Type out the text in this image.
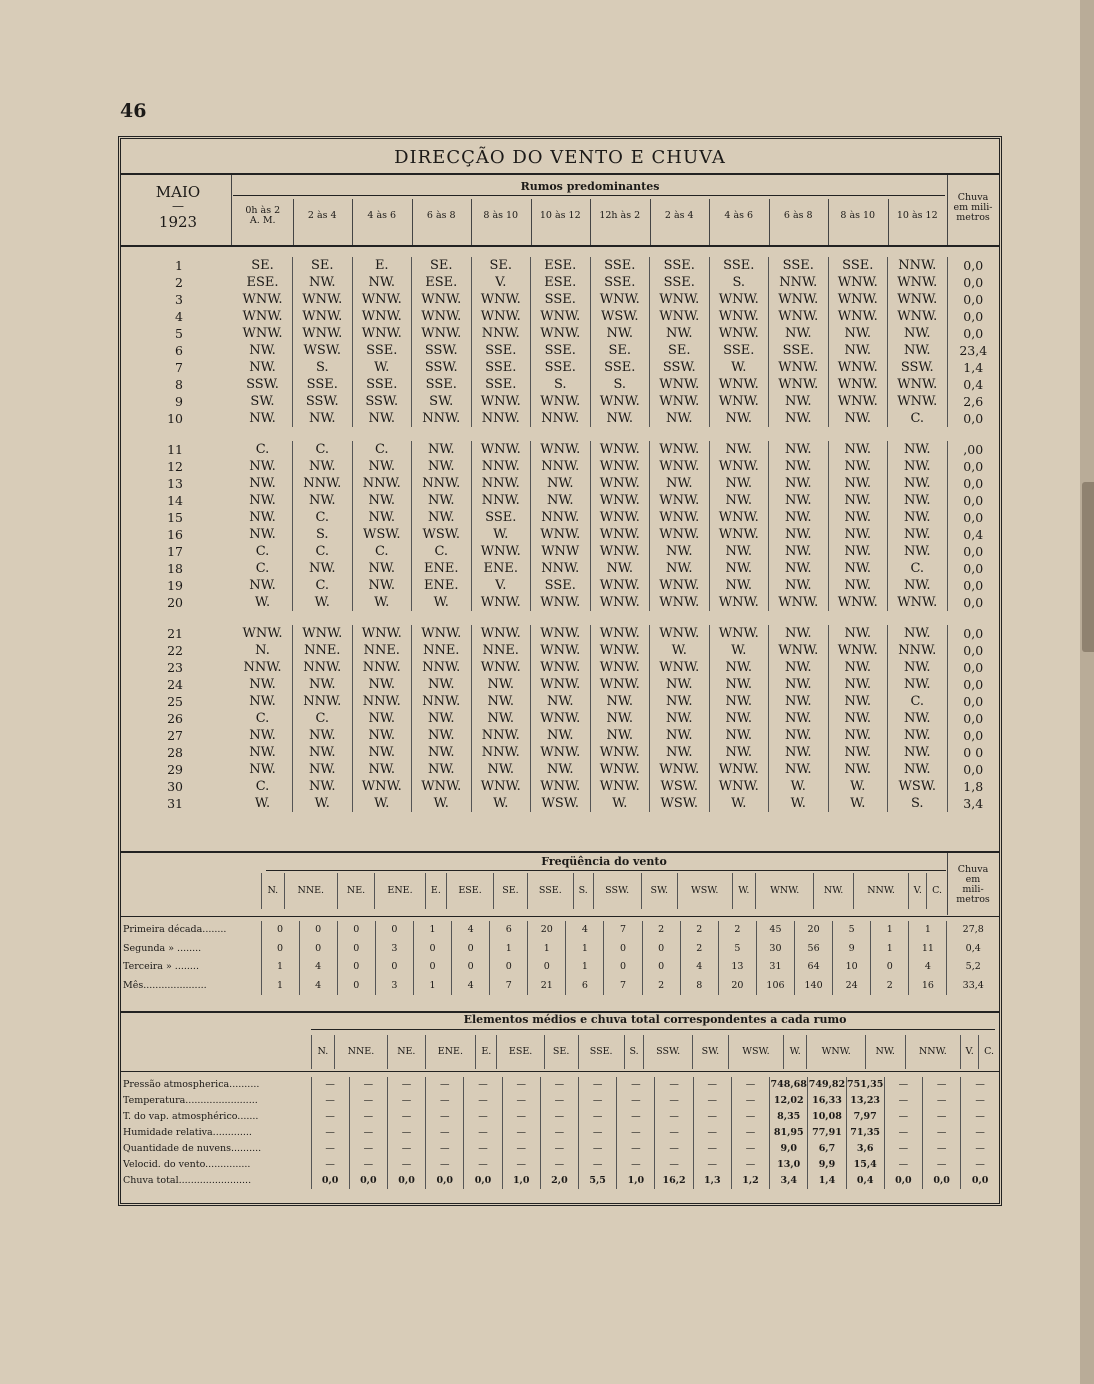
46
DIRECÇÃO DO VENTO E CHUVA
MAIO
—
1923
Rumos predominantes
Chuva
em mili-
metros
0h às 2
A. M.	2 às 4	4 às 6	6 às 8	8 às 10	10 às 12	12h às 2	2 às 4	4 às 6	6 às 8	8 às 10	10 às 12
1	SE.	SE.	E.	SE.	SE.	ESE.	SSE.	SSE.	SSE.	SSE.	SSE.	NNW.	0,0
2	ESE.	NW.	NW.	ESE.	V.	ESE.	SSE.	SSE.	S.	NNW.	WNW.	WNW.	0,0
3	WNW.	WNW.	WNW.	WNW.	WNW.	SSE.	WNW.	WNW.	WNW.	WNW.	WNW.	WNW.	0,0
4	WNW.	WNW.	WNW.	WNW.	WNW.	WNW.	WSW.	WNW.	WNW.	WNW.	WNW.	WNW.	0,0
5	WNW.	WNW.	WNW.	WNW.	NNW.	WNW.	NW.	NW.	WNW.	NW.	NW.	NW.	0,0
6	NW.	WSW.	SSE.	SSW.	SSE.	SSE.	SE.	SE.	SSE.	SSE.	NW.	NW.	23,4
7	NW.	S.	W.	SSW.	SSE.	SSE.	SSE.	SSW.	W.	WNW.	WNW.	SSW.	1,4
8	SSW.	SSE.	SSE.	SSE.	SSE.	S.	S.	WNW.	WNW.	WNW.	WNW.	WNW.	0,4
9	SW.	SSW.	SSW.	SW.	WNW.	WNW.	WNW.	WNW.	WNW.	NW.	WNW.	WNW.	2,6
10	NW.	NW.	NW.	NNW.	NNW.	NNW.	NW.	NW.	NW.	NW.	NW.	C.	0,0

11	C.	C.	C.	NW.	WNW.	WNW.	WNW.	WNW.	NW.	NW.	NW.	NW.	,00
12	NW.	NW.	NW.	NW.	NNW.	NNW.	WNW.	WNW.	WNW.	NW.	NW.	NW.	0,0
13	NW.	NNW.	NNW.	NNW.	NNW.	NW.	WNW.	NW.	NW.	NW.	NW.	NW.	0,0
14	NW.	NW.	NW.	NW.	NNW.	NW.	WNW.	WNW.	NW.	NW.	NW.	NW.	0,0
15	NW.	C.	NW.	NW.	SSE.	NNW.	WNW.	WNW.	WNW.	NW.	NW.	NW.	0,0
16	NW.	S.	WSW.	WSW.	W.	WNW.	WNW.	WNW.	WNW.	NW.	NW.	NW.	0,4
17	C.	C.	C.	C.	WNW.	WNW	WNW.	NW.	NW.	NW.	NW.	NW.	0,0
18	C.	NW.	NW.	ENE.	ENE.	NNW.	NW.	NW.	NW.	NW.	NW.	C.	0,0
19	NW.	C.	NW.	ENE.	V.	SSE.	WNW.	WNW.	NW.	NW.	NW.	NW.	0,0
20	W.	W.	W.	W.	WNW.	WNW.	WNW.	WNW.	WNW.	WNW.	WNW.	WNW.	0,0

21	WNW.	WNW.	WNW.	WNW.	WNW.	WNW.	WNW.	WNW.	WNW.	NW.	NW.	NW.	0,0
22	N.	NNE.	NNE.	NNE.	NNE.	WNW.	WNW.	W.	W.	WNW.	WNW.	NNW.	0,0
23	NNW.	NNW.	NNW.	NNW.	WNW.	WNW.	WNW.	WNW.	NW.	NW.	NW.	NW.	0,0
24	NW.	NW.	NW.	NW.	NW.	WNW.	WNW.	NW.	NW.	NW.	NW.	NW.	0,0
25	NW.	NNW.	NNW.	NNW.	NW.	NW.	NW.	NW.	NW.	NW.	NW.	C.	0,0
26	C.	C.	NW.	NW.	NW.	WNW.	NW.	NW.	NW.	NW.	NW.	NW.	0,0
27	NW.	NW.	NW.	NW.	NNW.	NW.	NW.	NW.	NW.	NW.	NW.	NW.	0,0
28	NW.	NW.	NW.	NW.	NNW.	WNW.	WNW.	NW.	NW.	NW.	NW.	NW.	0 0
29	NW.	NW.	NW.	NW.	NW.	NW.	WNW.	WNW.	WNW.	NW.	NW.	NW.	0,0
30	C.	NW.	WNW.	WNW.	WNW.	WNW.	WNW.	WSW.	WNW.	W.	W.	WSW.	1,8
31	W.	W.	W.	W.	W.	WSW.	W.	WSW.	W.	W.	W.	S.	3,4
Freqüência do vento
Chuva
em
mili-
metros
N.	NNE.	NE.	ENE.	E.	ESE.	SE.	SSE.	S.	SSW.	SW.	WSW.	W.	WNW.	NW.	NNW.	V.	C.
Primeira década........	0	0	0	0	1	4	6	20	4	7	2	2	2	45	20	5	1	1	27,8
Segunda » ........	0	0	0	3	0	0	1	1	1	0	0	2	5	30	56	9	1	11	0,4
Terceira » ........	1	4	0	0	0	0	0	0	1	0	0	4	13	31	64	10	0	4	5,2
Mês.....................	1	4	0	3	1	4	7	21	6	7	2	8	20	106	140	24	2	16	33,4
Elementos médios e chuva total correspondentes a cada rumo
N.	NNE.	NE.	ENE.	E.	ESE.	SE.	SSE.	S.	SSW.	SW.	WSW.	W.	WNW.	NW.	NNW.	V.	C.
Pressão atmospherica..........	—	—	—	—	—	—	—	—	—	—	—	—	748,68	749,82	751,35	—	—	—
Temperatura........................	—	—	—	—	—	—	—	—	—	—	—	—	12,02	16,33	13,23	—	—	—
T. do vap. atmosphérico.......	—	—	—	—	—	—	—	—	—	—	—	—	8,35	10,08	7,97	—	—	—
Humidade relativa.............	—	—	—	—	—	—	—	—	—	—	—	—	81,95	77,91	71,35	—	—	—
Quantidade de nuvens..........	—	—	—	—	—	—	—	—	—	—	—	—	9,0	6,7	3,6	—	—	—
Velocid. do vento...............	—	—	—	—	—	—	—	—	—	—	—	—	13,0	9,9	15,4	—	—	—
Chuva total........................	0,0	0,0	0,0	0,0	0,0	1,0	2,0	5,5	1,0	16,2	1,3	1,2	3,4	1,4	0,4	0,0	0,0	0,0
